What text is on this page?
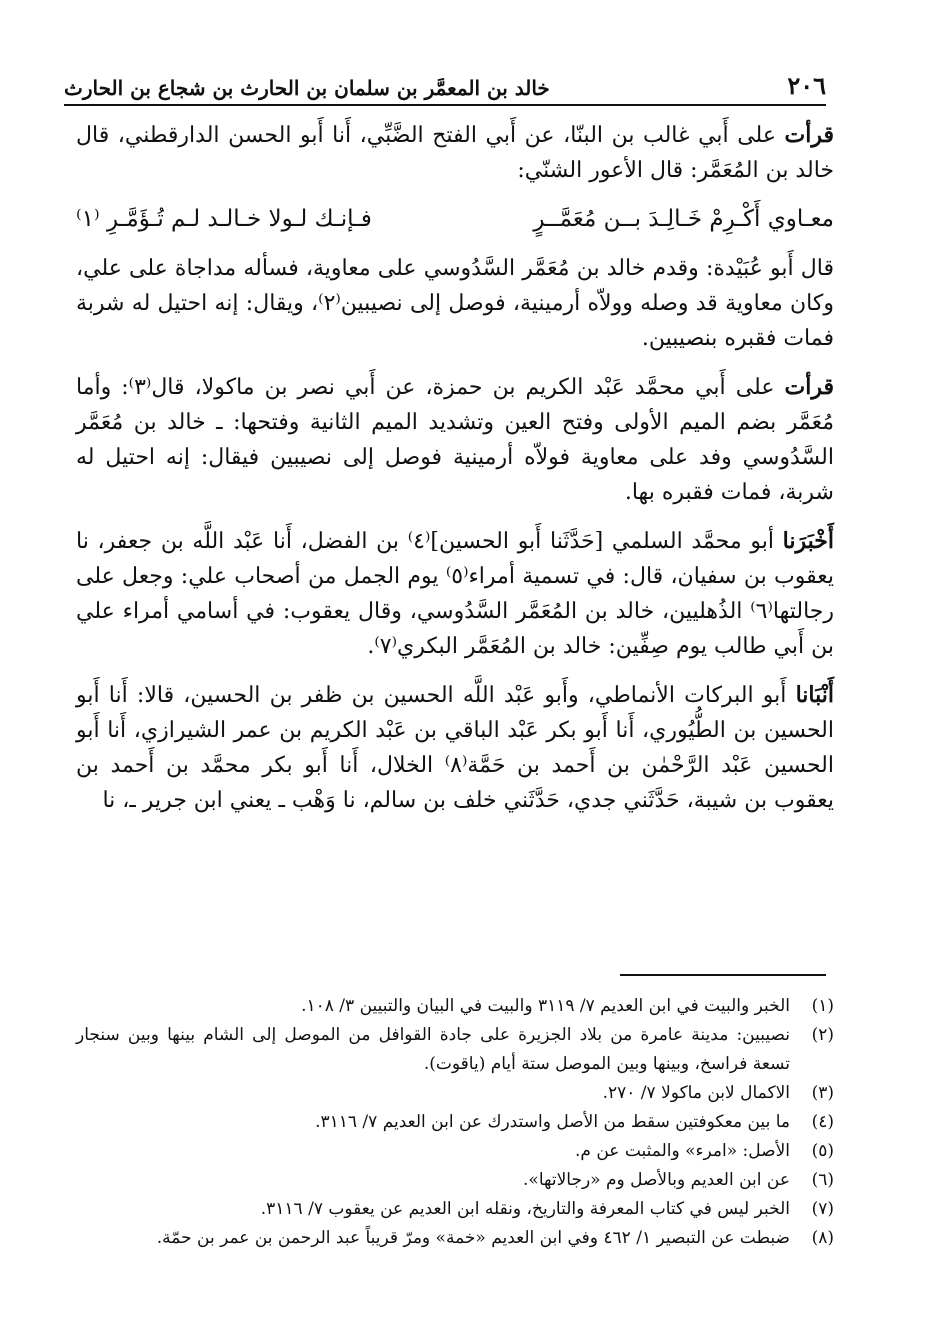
٢٠٦
خالد بن المعمَّر بن سلمان بن الحارث بن شجاع بن الحارث

قرأت على أَبي غالب بن البنّا، عن أَبي الفتح الضَّبِّي، أَنا أَبو الحسن الدارقطني، قال خالد بن المُعَمَّر: قال الأعور الشنّي:

معـاوي أَكْـرِمْ خَـالِـدَ بــن مُعَمَّــرٍ
فـإنـك لـولا خـالـد لـم تُـؤَمَّـرِ ⁽١⁾

قال أَبو عُبَيْدة: وقدم خالد بن مُعَمَّر السَّدُوسي على معاوية، فسأله مداجاة على علي، وكان معاوية قد وصله وولاّه أرمينية، فوصل إلى نصيبين⁽٢⁾، ويقال: إنه احتيل له شربة فمات فقبره بنصيبين.

قرأت على أَبي محمَّد عَبْد الكريم بن حمزة، عن أَبي نصر بن ماكولا، قال⁽٣⁾: وأما مُعَمَّر بضم الميم الأولى وفتح العين وتشديد الميم الثانية وفتحها: ـ خالد بن مُعَمَّر السَّدُوسي وفد على معاوية فولاّه أرمينية فوصل إلى نصيبين فيقال: إنه احتيل له شربة، فمات فقبره بها.

أَخْبَرَنا أبو محمَّد السلمي [حَدَّثَنا أَبو الحسين]⁽٤⁾ بن الفضل، أَنا عَبْد اللَّه بن جعفر، نا يعقوب بن سفيان، قال: في تسمية أمراء⁽٥⁾ يوم الجمل من أصحاب علي: وجعل على رجالتها⁽٦⁾ الذُهليين، خالد بن المُعَمَّر السَّدُوسي، وقال يعقوب: في أسامي أمراء علي بن أَبي طالب يوم صِفِّين: خالد بن المُعَمَّر البكري⁽٧⁾.

أَنْبَانا أَبو البركات الأنماطي، وأَبو عَبْد اللَّه الحسين بن ظفر بن الحسين، قالا: أَنا أَبو الحسين بن الطُّيُوري، أَنا أَبو بكر عَبْد الباقي بن عَبْد الكريم بن عمر الشيرازي، أَنا أَبو الحسين عَبْد الرَّحْمٰن بن أَحمد بن حَمَّة⁽٨⁾ الخلال، أَنا أَبو بكر محمَّد بن أَحمد بن يعقوب بن شيبة، حَدَّثَني جدي، حَدَّثَني خلف بن سالم، نا وَهْب ـ يعني ابن جرير ـ، نا

(١)
الخبر والبيت في ابن العديم ٧/ ٣١١٩ والبيت في البيان والتبيين ٣/ ١٠٨.
(٢)
نصيبين: مدينة عامرة من بلاد الجزيرة على جادة القوافل من الموصل إلى الشام بينها وبين سنجار تسعة فراسخ، وبينها وبين الموصل ستة أيام (ياقوت).
(٣)
الاكمال لابن ماكولا ٧/ ٢٧٠.
(٤)
ما بين معكوفتين سقط من الأصل واستدرك عن ابن العديم ٧/ ٣١١٦.
(٥)
الأصل: «امرء» والمثبت عن م.
(٦)
عن ابن العديم وبالأصل وم «رجالاتها».
(٧)
الخبر ليس في كتاب المعرفة والتاريخ، ونقله ابن العديم عن يعقوب ٧/ ٣١١٦.
(٨)
ضبطت عن التبصير ١/ ٤٦٢ وفي ابن العديم «خمة» ومرّ قريباً عبد الرحمن بن عمر بن حمّة.
